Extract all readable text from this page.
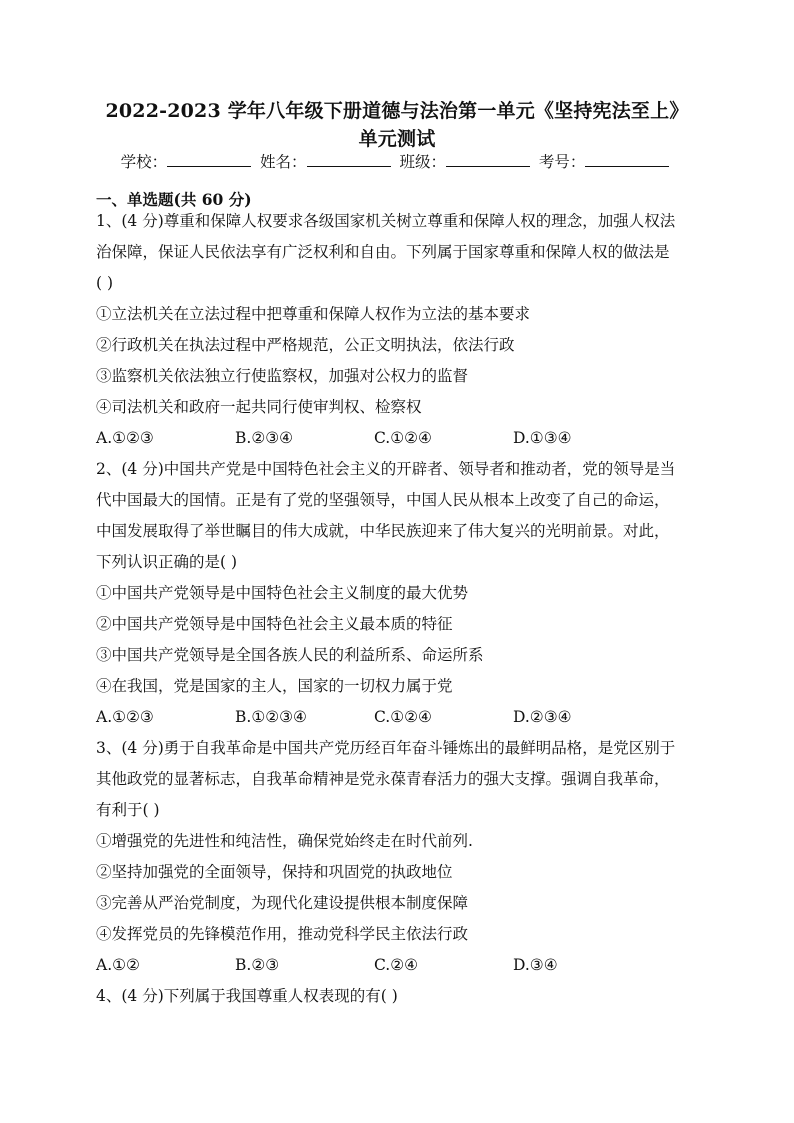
2022-2023 学年八年级下册道德与法治第一单元《坚持宪法至上》
单元测试
学校：	姓名：	班级：	考号：
一、单选题(共 60 分)
1、(4 分)尊重和保障人权要求各级国家机关树立尊重和保障人权的理念，加强人权法
治保障，保证人民依法享有广泛权利和自由。下列属于国家尊重和保障人权的做法是
( )
①立法机关在立法过程中把尊重和保障人权作为立法的基本要求
②行政机关在执法过程中严格规范，公正文明执法，依法行政
③监察机关依法独立行使监察权，加强对公权力的监督
④司法机关和政府一起共同行使审判权、检察权
A.①②③	B.②③④	C.①②④	D.①③④
2、(4 分)中国共产党是中国特色社会主义的开辟者、领导者和推动者，党的领导是当
代中国最大的国情。正是有了党的坚强领导，中国人民从根本上改变了自己的命运，
中国发展取得了举世瞩目的伟大成就，中华民族迎来了伟大复兴的光明前景。对此，
下列认识正确的是( )
①中国共产党领导是中国特色社会主义制度的最大优势
②中国共产党领导是中国特色社会主义最本质的特征
③中国共产党领导是全国各族人民的利益所系、命运所系
④在我国，党是国家的主人，国家的一切权力属于党
A.①②③	B.①②③④	C.①②④	D.②③④
3、(4 分)勇于自我革命是中国共产党历经百年奋斗锤炼出的最鲜明品格，是党区别于
其他政党的显著标志，自我革命精神是党永葆青春活力的强大支撑。强调自我革命，
有利于( )
①增强党的先进性和纯洁性，确保党始终走在时代前列.
②坚持加强党的全面领导，保持和巩固党的执政地位
③完善从严治党制度，为现代化建设提供根本制度保障
④发挥党员的先锋模范作用，推动党科学民主依法行政
A.①②	B.②③	C.②④	D.③④
4、(4 分)下列属于我国尊重人权表现的有( )
